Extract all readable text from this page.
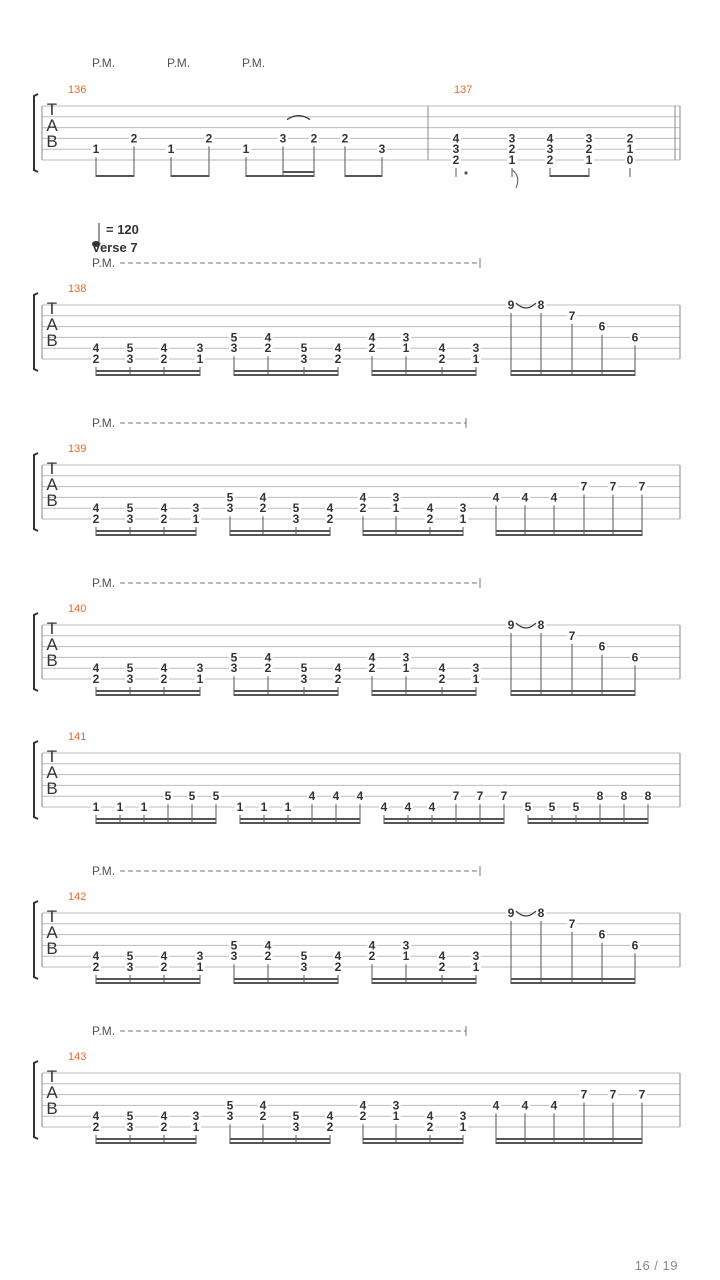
T
A
B
P.M.	P.M.	P.M.
136
1
2
1
2
1
3 2 2
3
137
4
3
2
3
2
1
4
3
2
3
2
1
2
1
0
T
A
B
P.M.
138
4
2
5
3
4
2
3
1
5
3
4
2 5
3
4
2
4
2
3
1 4
2
3
1
9 8
7
6
6
T
A
B
P.M.
139
4
2
5
3
4
2
3
1
5
3
4
2 5
3
4
2
4
2
3
1 4
2
3
1
4 4 4
7 7 7
T
A
B
P.M.
140
4
2
5
3
4
2
3
1
5
3
4
2 5
3
4
2
4
2
3
1 4
2
3
1
9 8
7
6
6
T
A
B
141
1 1 1
5 5 5
1 1 1
4 4 4
4 4 4
7 7 7
5 5 5
8 8 8
T
A
B
P.M.
142
4
2
5
3
4
2
3
1
5
3
4
2 5
3
4
2
4
2
3
1 4
2
3
1
9 8
7
6
6
T
A
B
P.M.
143
4
2
5
3
4
2
3
1
5
3
4
2 5
3
4
2
4
2
3
1 4
2
3
1
4 4 4
7 7 7
= 120
Verse 7
16 / 19
